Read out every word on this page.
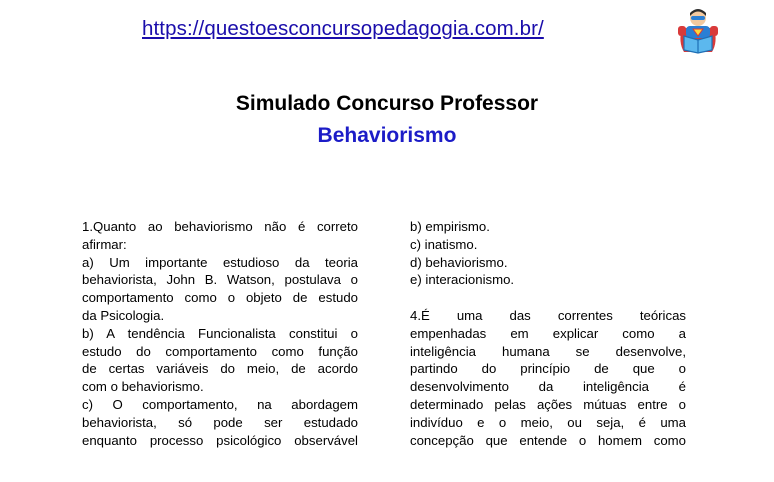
https://questoesconcursopedagogia.com.br/
Simulado Concurso Professor
Behaviorismo
1.Quanto ao behaviorismo não é correto
afirmar:
a) Um importante estudioso da teoria
behaviorista, John B. Watson, postulava o
comportamento como o objeto de estudo
da Psicologia.
b) A tendência Funcionalista constitui o
estudo do comportamento como função
de certas variáveis do meio, de acordo
com o behaviorismo.
c) O comportamento, na abordagem
behaviorista, só pode ser estudado
enquanto processo psicológico observável
b) empirismo.
c) inatismo.
d) behaviorismo.
e) interacionismo.
4.É uma das correntes teóricas
empenhadas em explicar como a
inteligência humana se desenvolve,
partindo do princípio de que o
desenvolvimento da inteligência é
determinado pelas ações mútuas entre o
indivíduo e o meio, ou seja, é uma
concepção que entende o homem como
